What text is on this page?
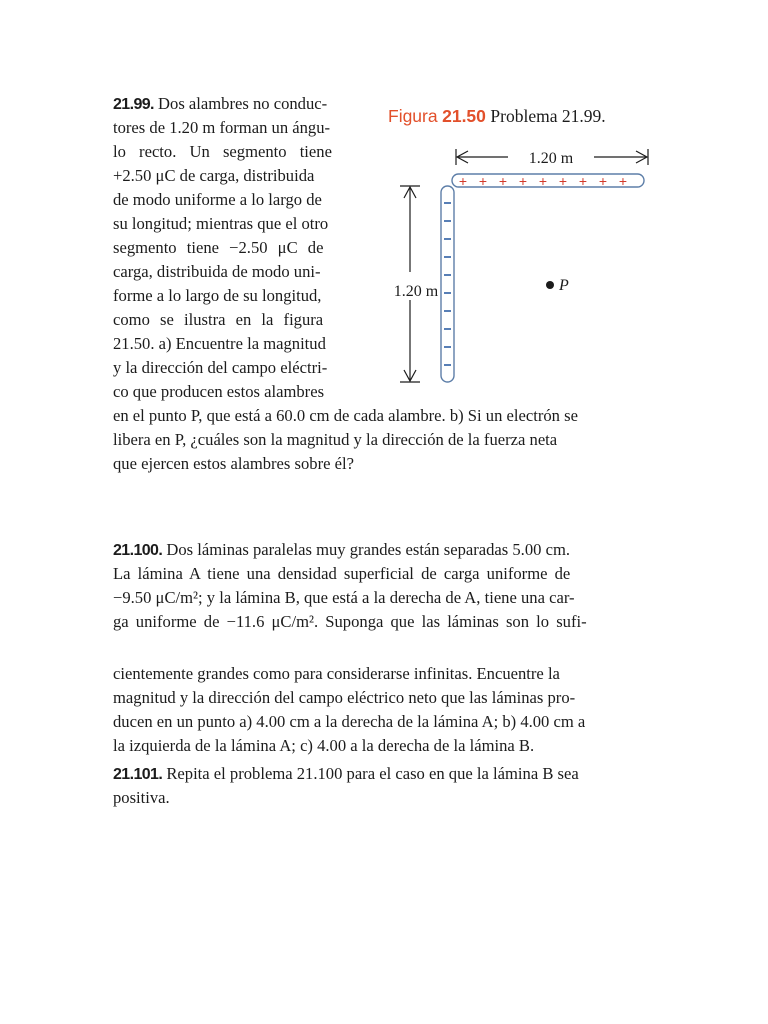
21.99. Dos alambres no conduc-
tores de 1.20 m forman un ángu-
lo recto. Un segmento tiene
+2.50 μC de carga, distribuida
de modo uniforme a lo largo de
su longitud; mientras que el otro
segmento tiene −2.50 μC de
carga, distribuida de modo uni-
forme a lo largo de su longitud,
como se ilustra en la figura
21.50. a) Encuentre la magnitud
y la dirección del campo eléctri-
co que producen estos alambres
en el punto P, que está a 60.0 cm de cada alambre. b) Si un electrón se
libera en P, ¿cuáles son la magnitud y la dirección de la fuerza neta
que ejercen estos alambres sobre él?
Figura 21.50 Problema 21.99.
1.20 m
+ + + + + + + + +
1.20 m	P
21.100. Dos láminas paralelas muy grandes están separadas 5.00 cm.
La lámina A tiene una densidad superficial de carga uniforme de
−9.50 μC/m²; y la lámina B, que está a la derecha de A, tiene una car-
ga uniforme de −11.6 μC/m². Suponga que las láminas son lo sufi-
cientemente grandes como para considerarse infinitas. Encuentre la
magnitud y la dirección del campo eléctrico neto que las láminas pro-
ducen en un punto a) 4.00 cm a la derecha de la lámina A; b) 4.00 cm a
la izquierda de la lámina A; c) 4.00 a la derecha de la lámina B.
21.101. Repita el problema 21.100 para el caso en que la lámina B sea
positiva.
